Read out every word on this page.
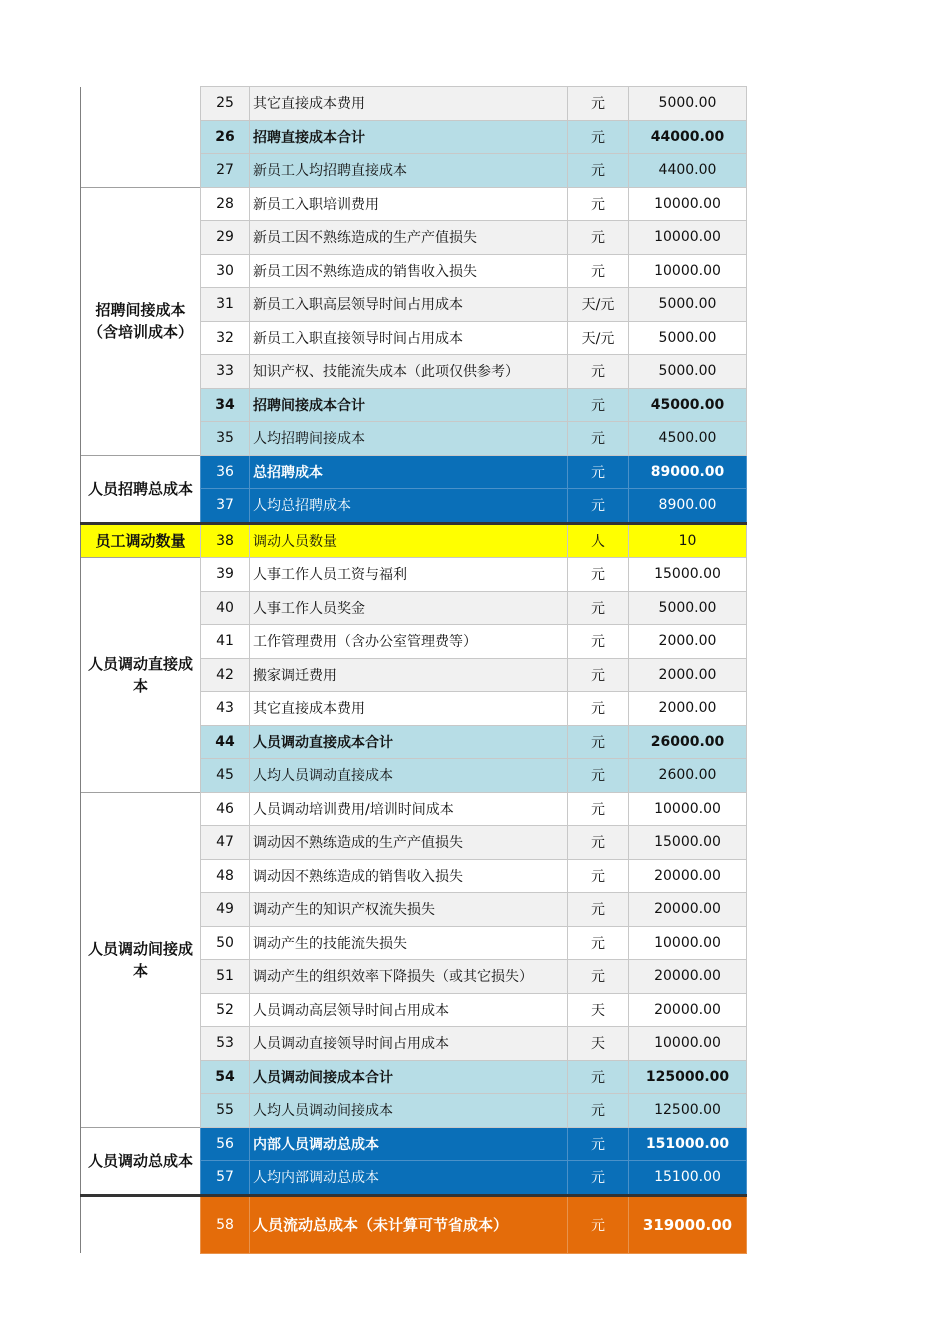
	25	其它直接成本费用	元	5000.00
	26	招聘直接成本合计	元	44000.00
	27	新员工人均招聘直接成本	元	4400.00
招聘间接成本（含培训成本）	28	新员工入职培训费用	元	10000.00
	29	新员工因不熟练造成的生产产值损失	元	10000.00
	30	新员工因不熟练造成的销售收入损失	元	10000.00
	31	新员工入职高层领导时间占用成本	天/元	5000.00
	32	新员工入职直接领导时间占用成本	天/元	5000.00
	33	知识产权、技能流失成本（此项仅供参考）	元	5000.00
	34	招聘间接成本合计	元	45000.00
	35	人均招聘间接成本	元	4500.00
人员招聘总成本	36	总招聘成本	元	89000.00
	37	人均总招聘成本	元	8900.00
员工调动数量	38	调动人员数量	人	10
人员调动直接成本	39	人事工作人员工资与福利	元	15000.00
	40	人事工作人员奖金	元	5000.00
	41	工作管理费用（含办公室管理费等）	元	2000.00
	42	搬家调迁费用	元	2000.00
	43	其它直接成本费用	元	2000.00
	44	人员调动直接成本合计	元	26000.00
	45	人均人员调动直接成本	元	2600.00
人员调动间接成本	46	人员调动培训费用/培训时间成本	元	10000.00
	47	调动因不熟练造成的生产产值损失	元	15000.00
	48	调动因不熟练造成的销售收入损失	元	20000.00
	49	调动产生的知识产权流失损失	元	20000.00
	50	调动产生的技能流失损失	元	10000.00
	51	调动产生的组织效率下降损失（或其它损失）	元	20000.00
	52	人员调动高层领导时间占用成本	天	20000.00
	53	人员调动直接领导时间占用成本	天	10000.00
	54	人员调动间接成本合计	元	125000.00
	55	人均人员调动间接成本	元	12500.00
人员调动总成本	56	内部人员调动总成本	元	151000.00
	57	人均内部调动总成本	元	15100.00
	58	人员流动总成本（未计算可节省成本）	元	319000.00
